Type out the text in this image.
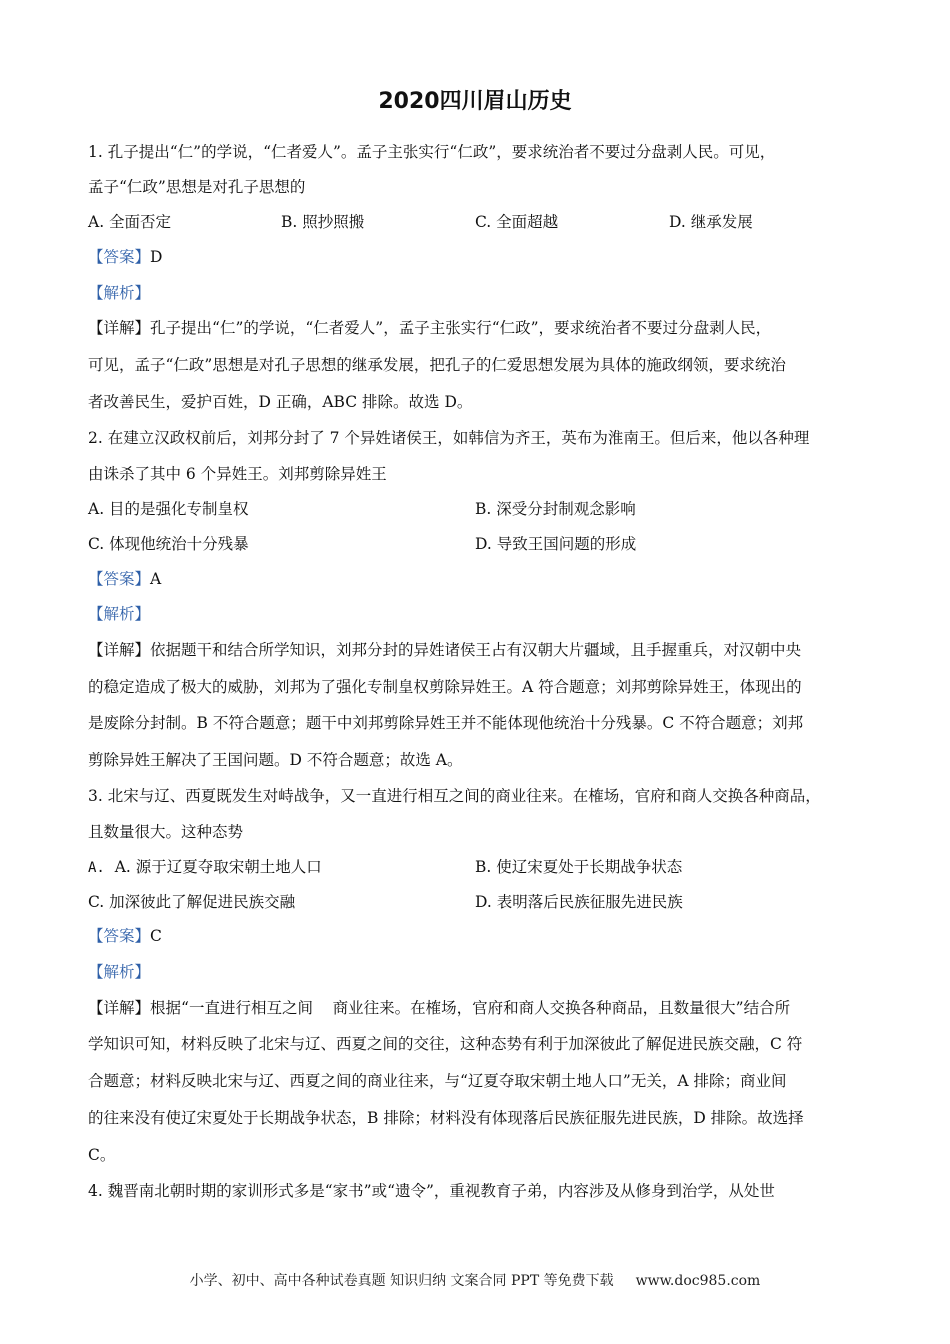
2020四川眉山历史
1. 孔子提出“仁”的学说，“仁者爱人”。孟子主张实行“仁政”，要求统治者不要过分盘剥人民。可见，
孟子“仁政”思想是对孔子思想的
A. 全面否定	B. 照抄照搬	C. 全面超越	D. 继承发展
【答案】D
【解析】
【详解】孔子提出“仁”的学说，“仁者爱人”，孟子主张实行“仁政”，要求统治者不要过分盘剥人民，
可见，孟子“仁政”思想是对孔子思想的继承发展，把孔子的仁爱思想发展为具体的施政纲领，要求统治
者改善民生，爱护百姓，D 正确，ABC 排除。故选 D。
2. 在建立汉政权前后，刘邦分封了 7 个异姓诸侯王，如韩信为齐王，英布为淮南王。但后来，他以各种理
由诛杀了其中 6 个异姓王。刘邦剪除异姓王
A. 目的是强化专制皇权	B. 深受分封制观念影响
C. 体现他统治十分残暴	D. 导致王国问题的形成
【答案】A
【解析】
【详解】依据题干和结合所学知识，刘邦分封的异姓诸侯王占有汉朝大片疆域，且手握重兵，对汉朝中央
的稳定造成了极大的威胁，刘邦为了强化专制皇权剪除异姓王。A 符合题意；刘邦剪除异姓王，体现出的
是废除分封制。B 不符合题意；题干中刘邦剪除异姓王并不能体现他统治十分残暴。C 不符合题意；刘邦
剪除异姓王解决了王国问题。D 不符合题意；故选 A。
3. 北宋与辽、西夏既发生对峙战争，又一直进行相互之间的商业往来。在榷场，官府和商人交换各种商品，
且数量很大。这种态势
A. A. 源于辽夏夺取宋朝土地人口	B. 使辽宋夏处于长期战争状态
C. 加深彼此了解促进民族交融	D. 表明落后民族征服先进民族
【答案】C
【解析】
【详解】根据“一直进行相互之间    商业往来。在榷场，官府和商人交换各种商品，且数量很大”结合所
学知识可知，材料反映了北宋与辽、西夏之间的交往，这种态势有利于加深彼此了解促进民族交融，C 符
合题意；材料反映北宋与辽、西夏之间的商业往来，与“辽夏夺取宋朝土地人口”无关，A 排除；商业间
的往来没有使辽宋夏处于长期战争状态，B 排除；材料没有体现落后民族征服先进民族，D 排除。故选择
C。
4. 魏晋南北朝时期的家训形式多是“家书”或“遗令”，重视教育子弟，内容涉及从修身到治学，从处世
小学、初中、高中各种试卷真题 知识归纳 文案合同 PPT 等免费下载 www.doc985.com
